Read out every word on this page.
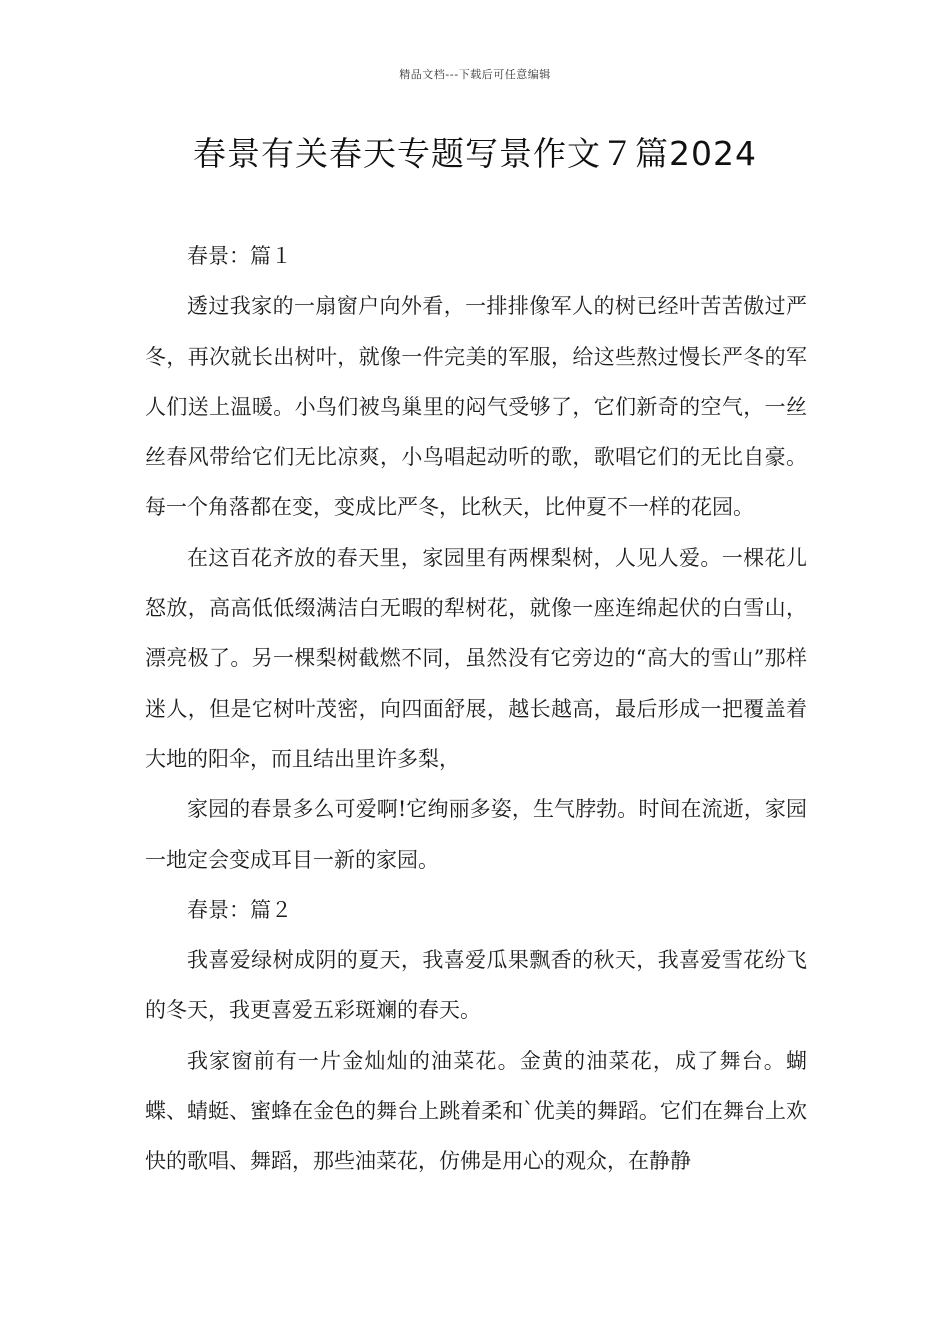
精品文档---下载后可任意编辑
春景有关春天专题写景作文７篇2024

春景：篇１

透过我家的一扇窗户向外看，一排排像军人的树已经叶苦苦傲过严冬，再次就长出树叶，就像一件完美的军服，给这些熬过慢长严冬的军人们送上温暖。小鸟们被鸟巢里的闷气受够了，它们新奇的空气，一丝丝春风带给它们无比凉爽，小鸟唱起动听的歌，歌唱它们的无比自豪。每一个角落都在变，变成比严冬，比秋天，比仲夏不一样的花园。

在这百花齐放的春天里，家园里有两棵梨树，人见人爱。一棵花儿怒放，高高低低缀满洁白无暇的犁树花，就像一座连绵起伏的白雪山，漂亮极了。另一棵梨树截燃不同，虽然没有它旁边的“高大的雪山”那样迷人，但是它树叶茂密，向四面舒展，越长越高，最后形成一把覆盖着大地的阳伞，而且结出里许多梨，

家园的春景多么可爱啊!它绚丽多姿，生气脖勃。时间在流逝，家园一地定会变成耳目一新的家园。

春景：篇２

我喜爱绿树成阴的夏天，我喜爱瓜果飘香的秋天，我喜爱雪花纷飞的冬天，我更喜爱五彩斑斓的春天。

我家窗前有一片金灿灿的油菜花。金黄的油菜花，成了舞台。蝴蝶、蜻蜓、蜜蜂在金色的舞台上跳着柔和`优美的舞蹈。它们在舞台上欢快的歌唱、舞蹈，那些油菜花，仿佛是用心的观众，在静静
